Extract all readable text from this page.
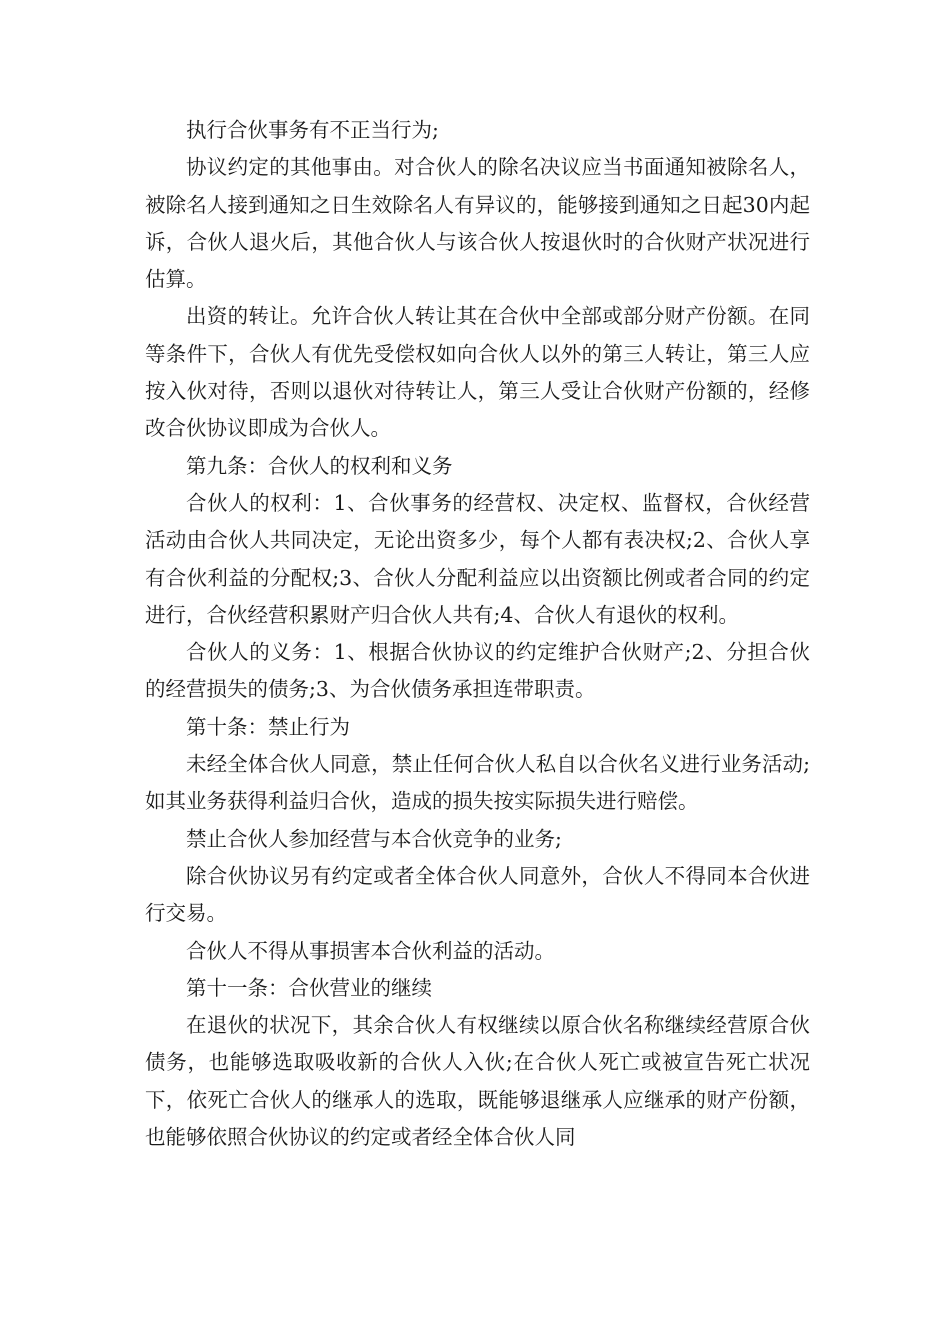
执行合伙事务有不正当行为;

协议约定的其他事由。对合伙人的除名决议应当书面通知被除名人，被除名人接到通知之日生效除名人有异议的，能够接到通知之日起30内起诉，合伙人退火后，其他合伙人与该合伙人按退伙时的合伙财产状况进行估算。

出资的转让。允许合伙人转让其在合伙中全部或部分财产份额。在同等条件下，合伙人有优先受偿权如向合伙人以外的第三人转让，第三人应按入伙对待，否则以退伙对待转让人，第三人受让合伙财产份额的，经修改合伙协议即成为合伙人。

第九条：合伙人的权利和义务

合伙人的权利：1、合伙事务的经营权、决定权、监督权，合伙经营活动由合伙人共同决定，无论出资多少，每个人都有表决权;2、合伙人享有合伙利益的分配权;3、合伙人分配利益应以出资额比例或者合同的约定进行，合伙经营积累财产归合伙人共有;4、合伙人有退伙的权利。

合伙人的义务：1、根据合伙协议的约定维护合伙财产;2、分担合伙的经营损失的债务;3、为合伙债务承担连带职责。

第十条：禁止行为

未经全体合伙人同意，禁止任何合伙人私自以合伙名义进行业务活动;如其业务获得利益归合伙，造成的损失按实际损失进行赔偿。

禁止合伙人参加经营与本合伙竞争的业务;

除合伙协议另有约定或者全体合伙人同意外，合伙人不得同本合伙进行交易。

合伙人不得从事损害本合伙利益的活动。

第十一条：合伙营业的继续

在退伙的状况下，其余合伙人有权继续以原合伙名称继续经营原合伙债务，也能够选取吸收新的合伙人入伙;在合伙人死亡或被宣告死亡状况下，依死亡合伙人的继承人的选取，既能够退继承人应继承的财产份额，也能够依照合伙协议的约定或者经全体合伙人同
